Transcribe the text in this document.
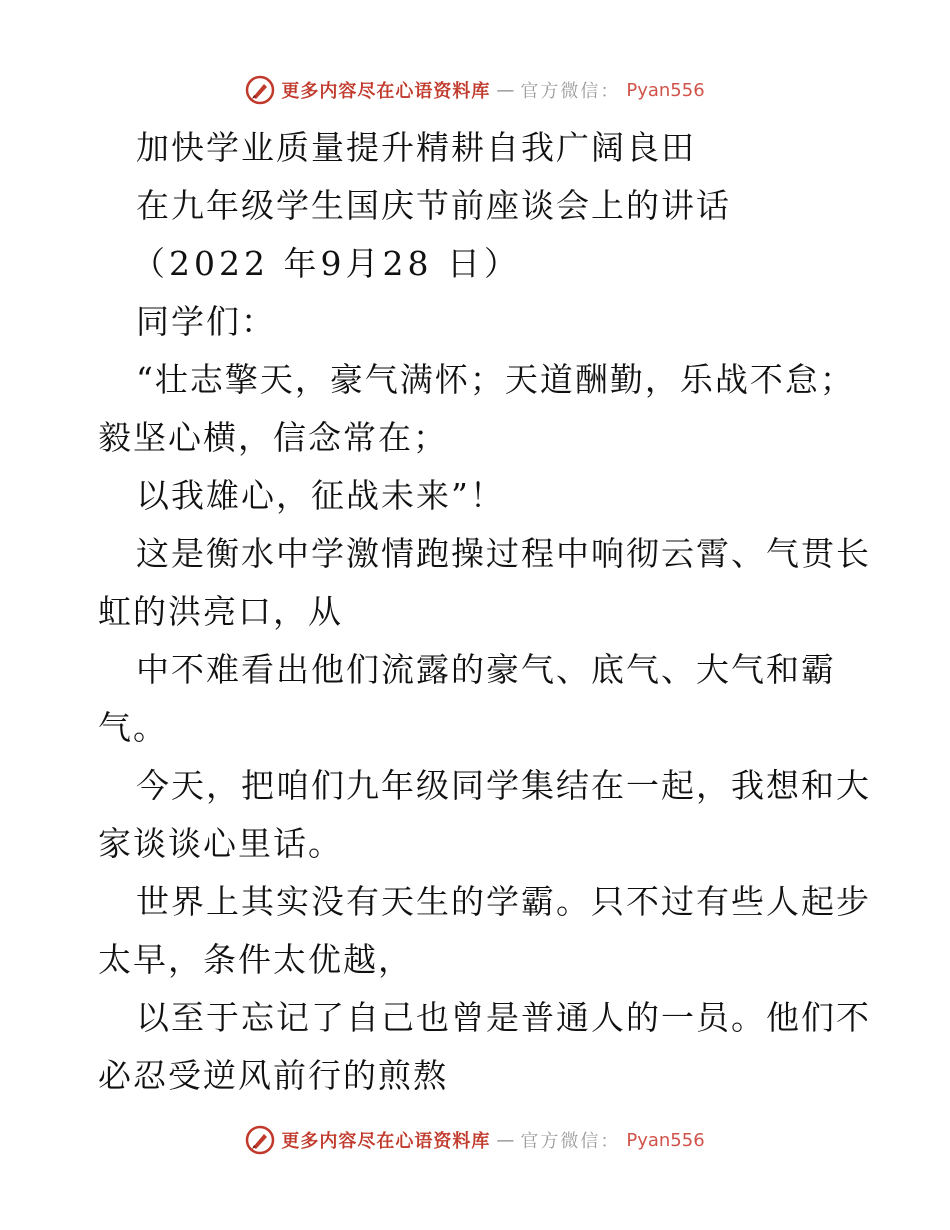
更多内容尽在心语资料库 — 官方微信： Pyan556
加快学业质量提升精耕自我广阔良田
在九年级学生国庆节前座谈会上的讲话
（2022 年9月28 日）
同学们：
“壮志擎天，豪气满怀；天道酬勤，乐战不怠；
毅坚心横，信念常在；
以我雄心，征战未来”！
这是衡水中学激情跑操过程中响彻云霄、气贯长
虹的洪亮口，从
中不难看出他们流露的豪气、底气、大气和霸
气。
今天，把咱们九年级同学集结在一起，我想和大
家谈谈心里话。
世界上其实没有天生的学霸。只不过有些人起步
太早，条件太优越，
以至于忘记了自己也曾是普通人的一员。他们不
必忍受逆风前行的煎熬
更多内容尽在心语资料库 — 官方微信： Pyan556
